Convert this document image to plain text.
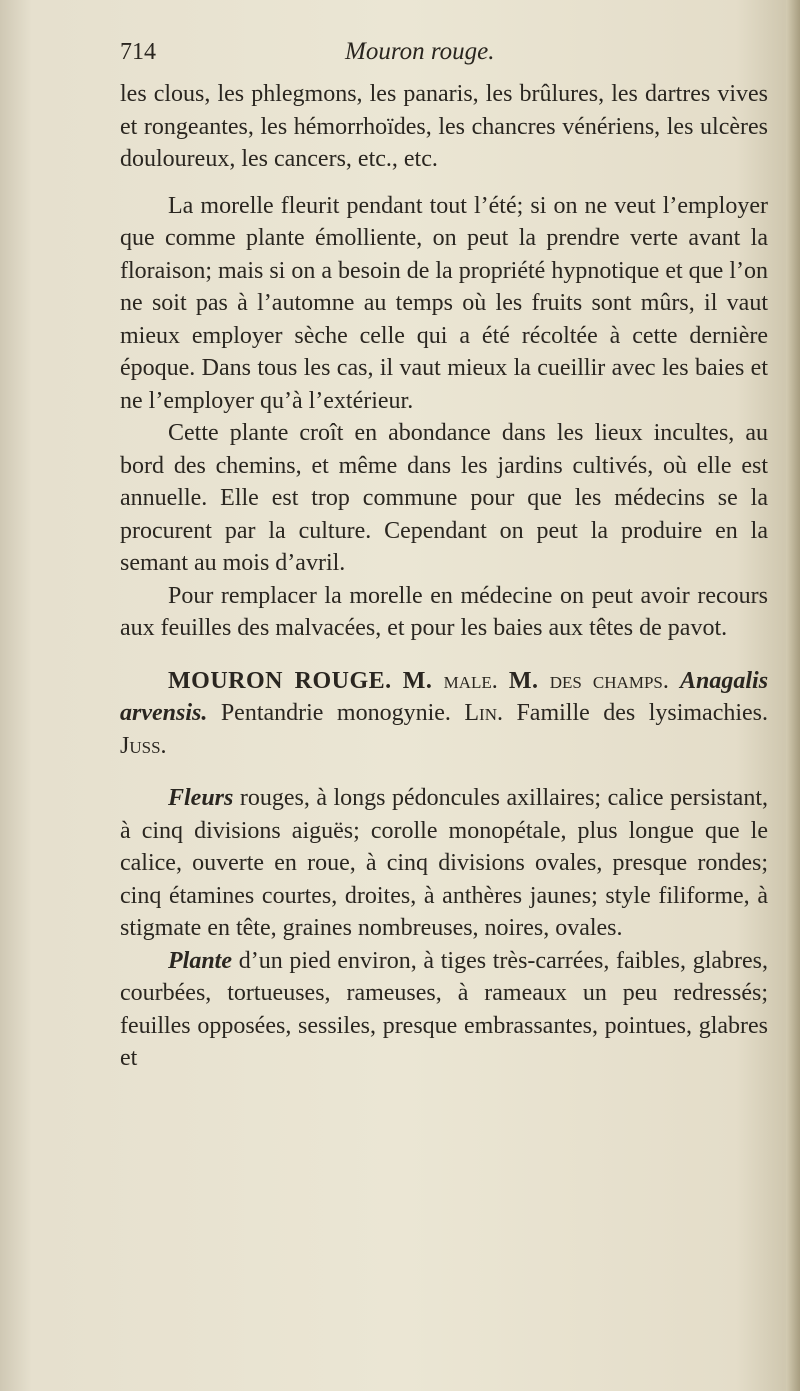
714	Mouron rouge.

les clous, les phlegmons, les panaris, les brûlures, les dartres vives et rongeantes, les hémorrhoïdes, les chancres vénériens, les ulcères douloureux, les cancers, etc., etc.

La morelle fleurit pendant tout l’été; si on ne veut l’employer que comme plante émolliente, on peut la prendre verte avant la floraison; mais si on a besoin de la propriété hypnotique et que l’on ne soit pas à l’automne au temps où les fruits sont mûrs, il vaut mieux employer sèche celle qui a été récoltée à cette dernière époque. Dans tous les cas, il vaut mieux la cueillir avec les baies et ne l’employer qu’à l’extérieur.

Cette plante croît en abondance dans les lieux incultes, au bord des chemins, et même dans les jardins cultivés, où elle est annuelle. Elle est trop commune pour que les médecins se la procurent par la culture. Cependant on peut la produire en la semant au mois d’avril.

Pour remplacer la morelle en médecine on peut avoir recours aux feuilles des malvacées, et pour les baies aux têtes de pavot.

MOURON ROUGE. M. male. M. des champs. Anagalis arvensis. Pentandrie monogynie. Lin. Famille des lysimachies. Juss.

Fleurs rouges, à longs pédoncules axillaires; calice persistant, à cinq divisions aiguës; corolle monopétale, plus longue que le calice, ouverte en roue, à cinq divisions ovales, presque rondes; cinq étamines courtes, droites, à anthères jaunes; style filiforme, à stigmate en tête, graines nombreuses, noires, ovales.

Plante d’un pied environ, à tiges très-carrées, faibles, glabres, courbées, tortueuses, rameuses, à rameaux un peu redressés; feuilles opposées, sessiles, presque embrassantes, pointues, glabres et
